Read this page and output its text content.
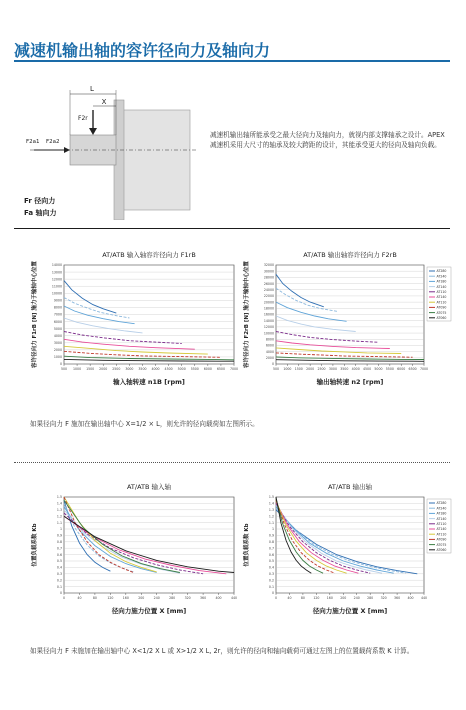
减速机输出轴的容许径向力及轴向力
L
X
F2r
F2a1 F2a2
减速机输出轴所能承受之最大径向力及轴向力，就视内部支撑轴承之设计。APEX 减速机采用大尺寸的轴承及较大跨距的设计，其能承受更大的径向及轴向负载。
Fr 径向力
Fa 轴向力
AT/ATB 输入轴容许径向力 F1rB
0
1000
2000
3000
4000
5000
6000
7000
8000
9000
10000
11000
12000
13000
14000
500 1000 1500 2000 2500 3000 3500 4000 4500 5000 5500 6000 6500 7000
输入轴转速 n1B [rpm]
容许径向力 F1rB [N] 施力于输轴中心位置
AT/ATB 输出轴容许径向力 F2rB
0
2000
4000
6000
8000
10000
12000
14000
16000
18000
20000
22000
24000
26000
28000
30000
32000
500 1000 1500 2000 2500 3000 3500 4000 4500 5000 5500 6000 6500 7000
输出轴转速 n2 [rpm]
容许径向力 F2rB [N] 施力于输轴中心位置	AT280
AT240
AT180
AT140
AT110
AT140
AT110
AT090
AT075
AT060
如果径向力 F 施加在输出轴中心 X=1/2 × L，则允许的径向载荷如左图所示。
AT/ATB 输入轴
0
0.1
0.2
0.3
0.4
0.5
0.6
0.7
0.8
0.9
1
1.1
1.2
1.3
1.4
1.5
0	40	80	120	160	200	240	280	320	360	400	440
径向力施力位置 X [mm]
位置负载系数 Kb
AT/ATB 输出轴
0
0.1
0.2
0.3
0.4
0.5
0.6
0.7
0.8
0.9
1
1.1
1.2
1.3
1.4
1.5
0	40	80	120 160 200 240 280 320 360 400 440
径向力施力位置 X [mm]
位置负载系数 Kb
AT280
AT240
AT180
AT140
AT110
AT140
AT110
AT090
AT075
AT060
如果径向力 F 未施加在输出轴中心 X<1/2 X L 或 X>1/2 X L, 2r，则允许的径向和轴向载荷可通过左图上的位置载荷系数 K 计算。
